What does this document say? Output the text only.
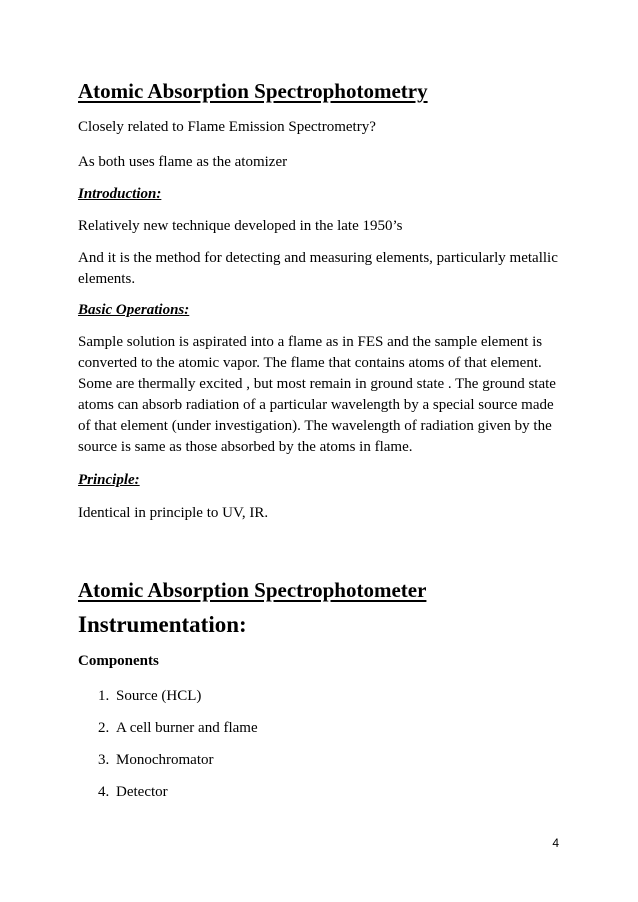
Atomic Absorption Spectrophotometry

Closely related to Flame Emission Spectrometry?

As both uses flame as the atomizer

Introduction:

Relatively new technique developed in the late 1950’s

And it is the method for detecting and measuring elements, particularly metallic elements.

Basic Operations:

Sample solution is aspirated into a flame as in FES and the sample element is converted to the atomic vapor. The flame that contains atoms of that element. Some are thermally excited , but most remain in ground state . The ground state atoms can absorb radiation of a particular wavelength by a special source made of that element (under investigation). The wavelength of radiation given by the source is same as those absorbed by the atoms in flame.

Principle:

Identical in principle to UV, IR.

Atomic Absorption Spectrophotometer
Instrumentation:

Components

1. Source (HCL)
2. A cell burner and flame
3. Monochromator
4. Detector
4
